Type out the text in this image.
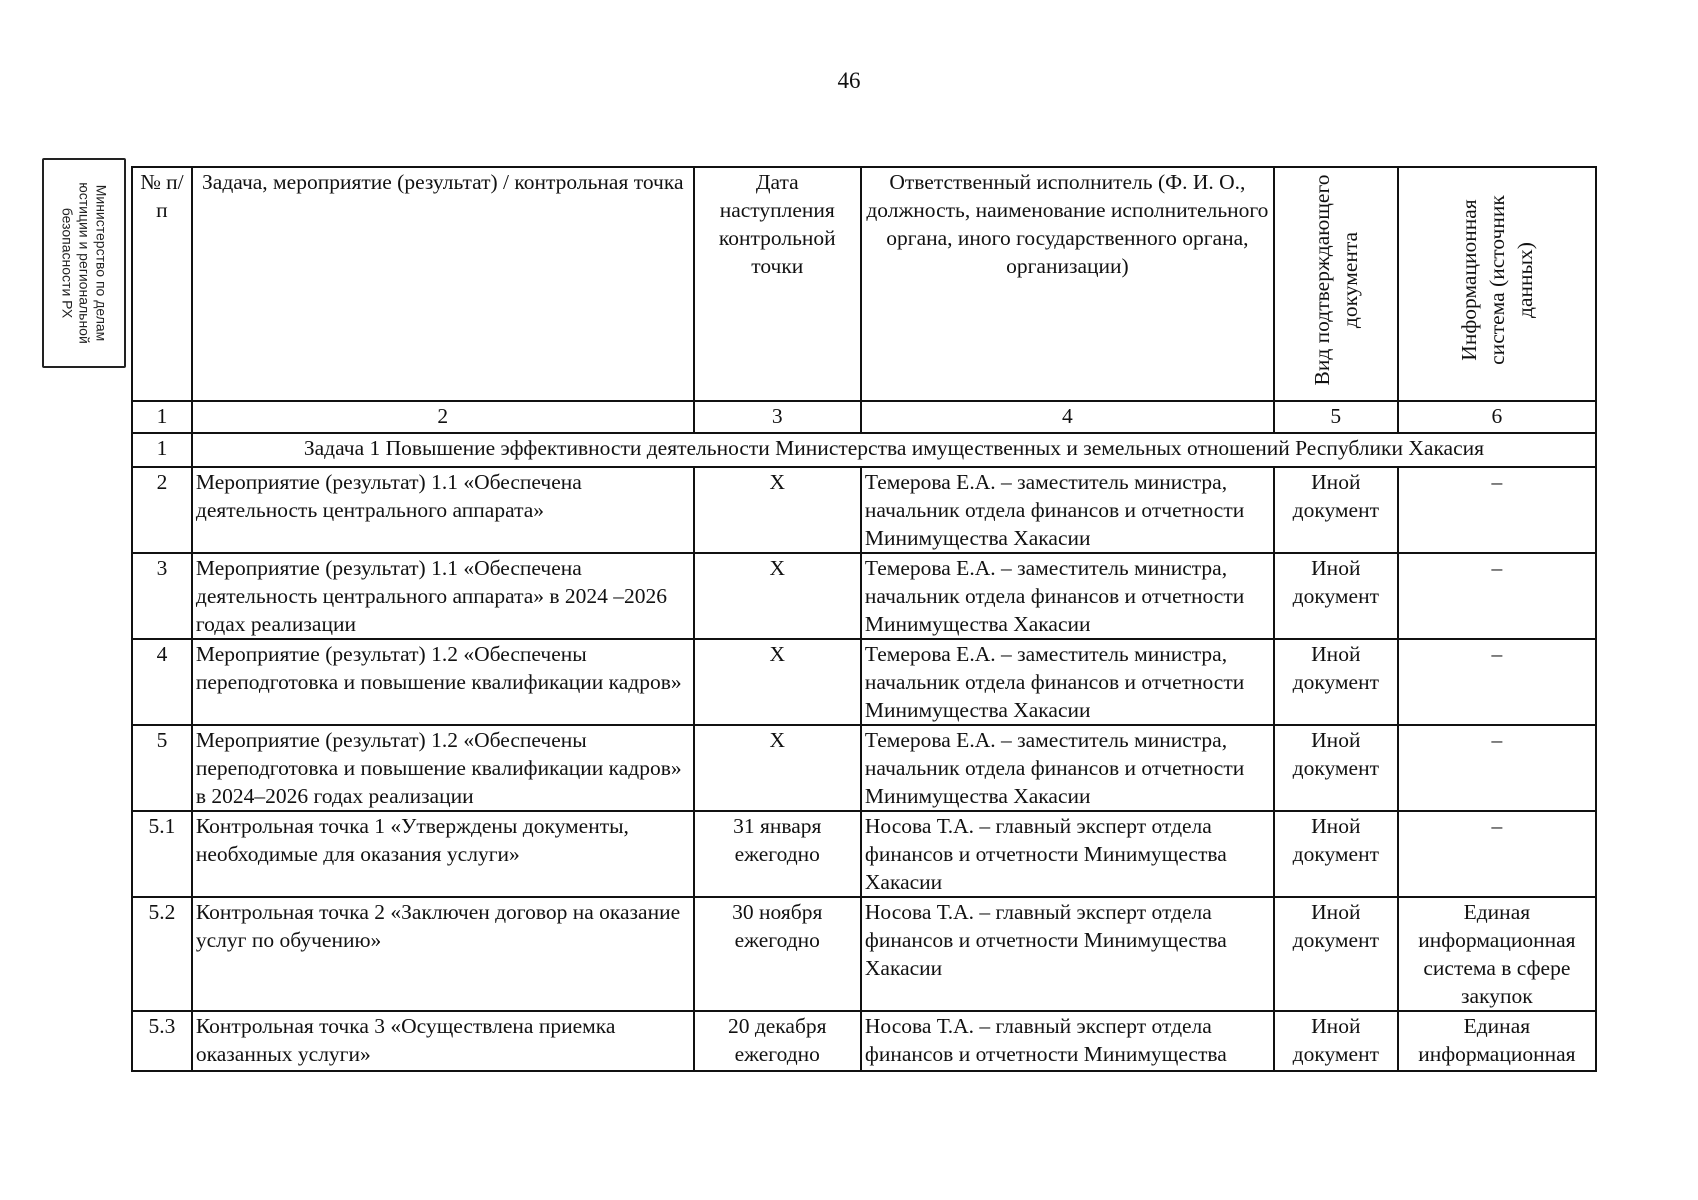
46
Министерство по делам
юстиции и региональной
безопасности РХ
№ п/п	Задача, мероприятие (результат) / контрольная точка	Дата наступления контрольной точки	Ответственный исполнитель (Ф. И. О., должность, наименование исполнительного органа, иного государственного органа, организации)	Вид подтверждающего документа	Информационная система (источник данных)

1	2	3	4	5	6
1	Задача 1 Повышение эффективности деятельности Министерства имущественных и земельных отношений Республики Хакасия				
2	Мероприятие (результат) 1.1 «Обеспечена деятельность центрального аппарата»	Х	Темерова Е.А. – заместитель министра, начальник отдела финансов и отчетности Минимущества Хакасии	Иной документ	–
3	Мероприятие (результат) 1.1 «Обеспечена деятельность центрального аппарата» в 2024 –2026 годах реализации	Х	Темерова Е.А. – заместитель министра, начальник отдела финансов и отчетности Минимущества Хакасии	Иной документ	–
4	Мероприятие (результат) 1.2 «Обеспечены переподготовка и повышение квалификации кадров»	Х	Темерова Е.А. – заместитель министра, начальник отдела финансов и отчетности Минимущества Хакасии	Иной документ	–
5	Мероприятие (результат) 1.2 «Обеспечены переподготовка и повышение квалификации кадров» в 2024–2026 годах реализации	Х	Темерова Е.А. – заместитель министра, начальник отдела финансов и отчетности Минимущества Хакасии	Иной документ	–
5.1	Контрольная точка 1 «Утверждены документы, необходимые для оказания услуги»	31 января ежегодно	Носова Т.А. – главный эксперт отдела финансов и отчетности Минимущества Хакасии	Иной документ	–
5.2	Контрольная точка 2 «Заключен договор на оказание услуг по обучению»	30 ноября ежегодно	Носова Т.А. – главный эксперт отдела финансов и отчетности Минимущества Хакасии	Иной документ	Единая информационная система в сфере закупок
5.3	Контрольная точка 3 «Осуществлена приемка оказанных услуги»	20 декабря ежегодно	Носова Т.А. – главный эксперт отдела финансов и отчетности Минимущества	Иной документ	Единая информационная
